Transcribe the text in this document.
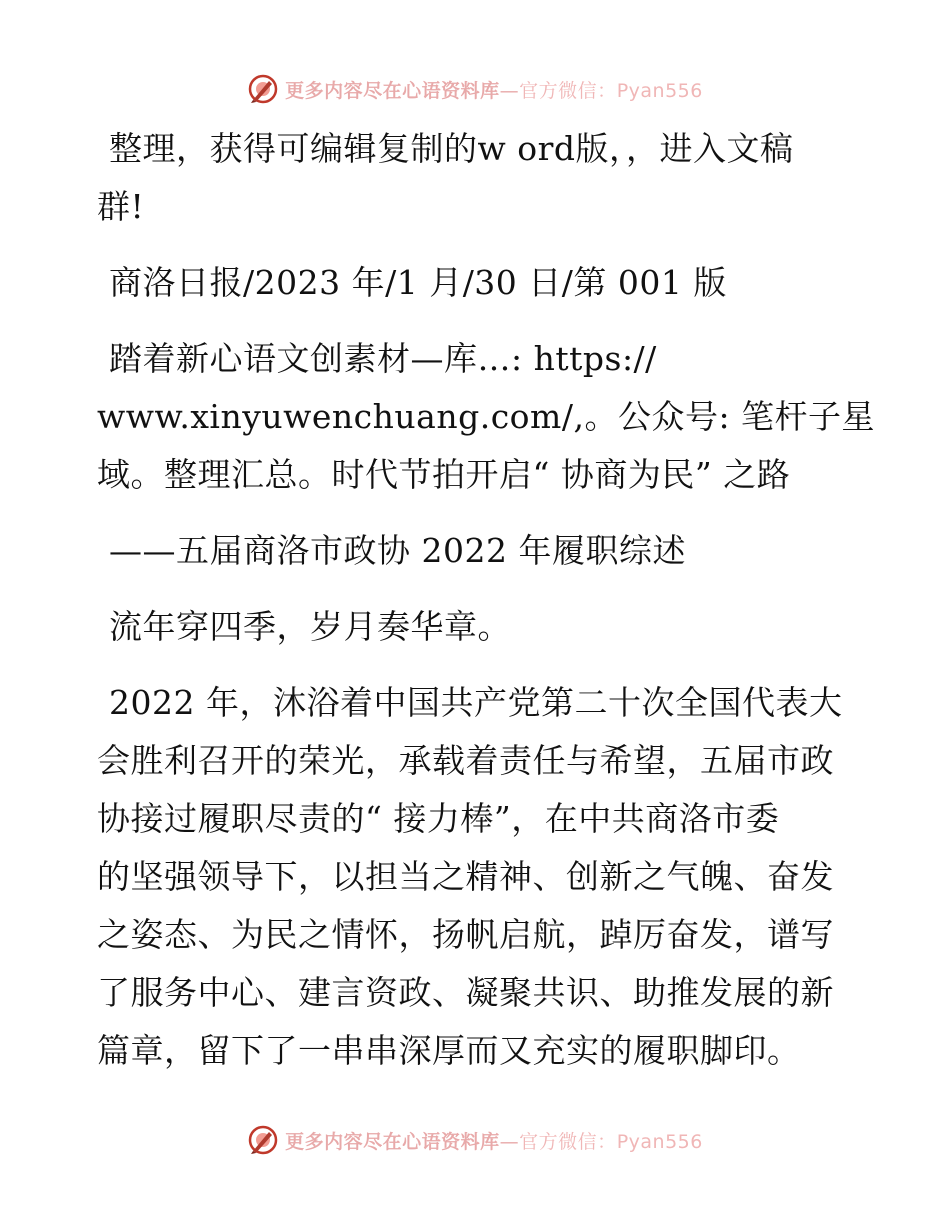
更多内容尽在心语资料库—官方微信：Pyan556
整理，获得可编辑复制的w ord版，，进入文稿
群!
商洛日报/2023 年/1 月/30 日/第 001 版
踏着新心语文创素材—库…: https://
www.xinyuwenchuang.com/,。公众号: 笔杆子星
域。整理汇总。时代节拍开启“ 协商为民” 之路
——五届商洛市政协 2022 年履职综述
流年穿四季，岁月奏华章。
2022 年，沐浴着中国共产党第二十次全国代表大
会胜利召开的荣光，承载着责任与希望，五届市政
协接过履职尽责的“ 接力棒”，在中共商洛市委
的坚强领导下，以担当之精神、创新之气魄、奋发
之姿态、为民之情怀，扬帆启航，踔厉奋发，谱写
了服务中心、建言资政、凝聚共识、助推发展的新
篇章，留下了一串串深厚而又充实的履职脚印。
更多内容尽在心语资料库—官方微信：Pyan556
